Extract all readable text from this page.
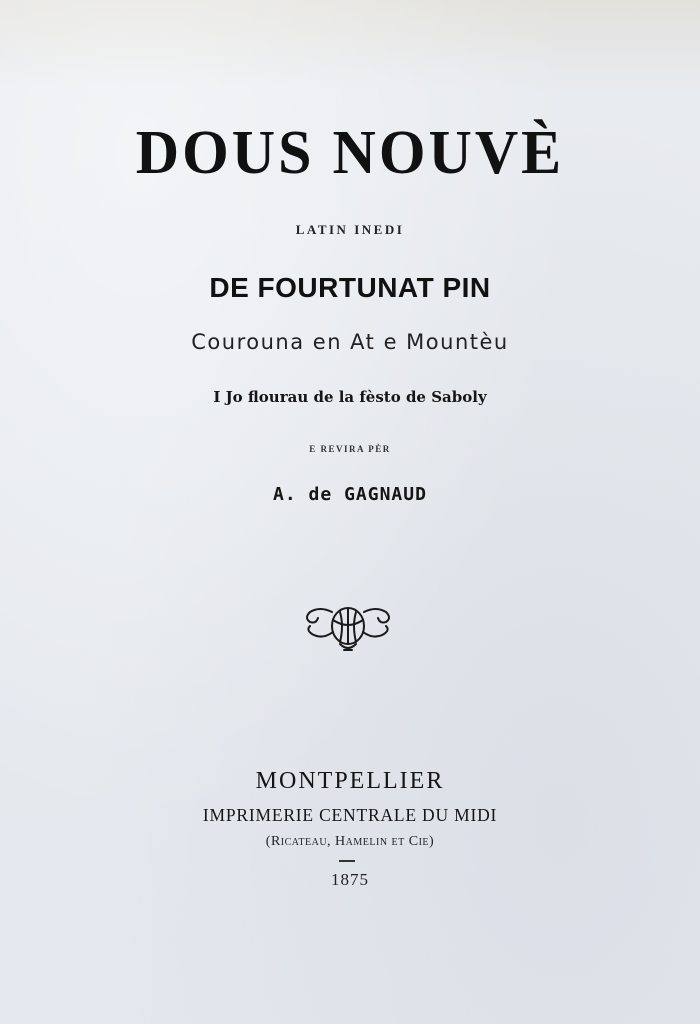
DOUS NOUVÈ
LATIN INEDI
DE FOURTUNAT PIN
Courouna en At e Mountèu
I Jo flourau de la fèsto de Saboly
E REVIRA PÈR
A. de GAGNAUD
MONTPELLIER
IMPRIMERIE CENTRALE DU MIDI
(Ricateau, Hamelin et Cie)
1875
